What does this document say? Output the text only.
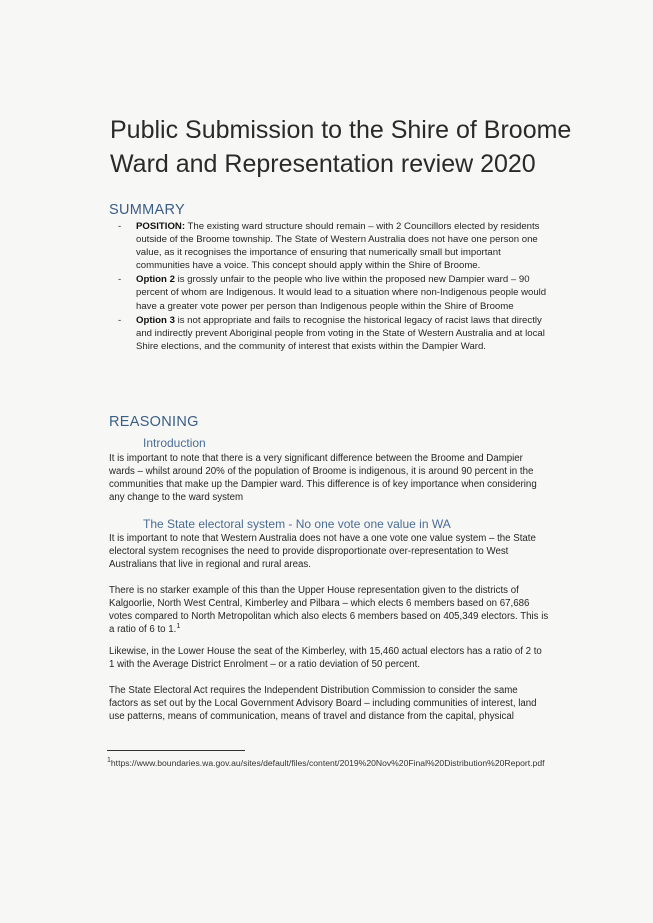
Public Submission to the Shire of Broome
Ward and Representation review 2020
SUMMARY
- POSITION: The existing ward structure should remain – with 2 Councillors elected by residents outside of the Broome township. The State of Western Australia does not have one person one value, as it recognises the importance of ensuring that numerically small but important communities have a voice. This concept should apply within the Shire of Broome.
- Option 2 is grossly unfair to the people who live within the proposed new Dampier ward – 90 percent of whom are Indigenous. It would lead to a situation where non-Indigenous people would have a greater vote power per person than Indigenous people within the Shire of Broome
- Option 3 is not appropriate and fails to recognise the historical legacy of racist laws that directly and indirectly prevent Aboriginal people from voting in the State of Western Australia and at local Shire elections, and the community of interest that exists within the Dampier Ward.
REASONING
Introduction

It is important to note that there is a very significant difference between the Broome and Dampier wards – whilst around 20% of the population of Broome is indigenous, it is around 90 percent in the communities that make up the Dampier ward. This difference is of key importance when considering any change to the ward system

The State electoral system - No one vote one value in WA

It is important to note that Western Australia does not have a one vote one value system – the State electoral system recognises the need to provide disproportionate over-representation to West Australians that live in regional and rural areas.

There is no starker example of this than the Upper House representation given to the districts of Kalgoorlie, North West Central, Kimberley and Pilbara – which elects 6 members based on 67,686 votes compared to North Metropolitan which also elects 6 members based on 405,349 electors. This is a ratio of 6 to 1.$^1$

Likewise, in the Lower House the seat of the Kimberley, with 15,460 actual electors has a ratio of 2 to 1 with the Average District Enrolment – or a ratio deviation of 50 percent.

The State Electoral Act requires the Independent Distribution Commission to consider the same factors as set out by the Local Government Advisory Board – including communities of interest, land use patterns, means of communication, means of travel and distance from the capital, physical

$^1$https://www.boundaries.wa.gov.au/sites/default/files/content/2019%20Nov%20Final%20Distribution%20Report.pdf
